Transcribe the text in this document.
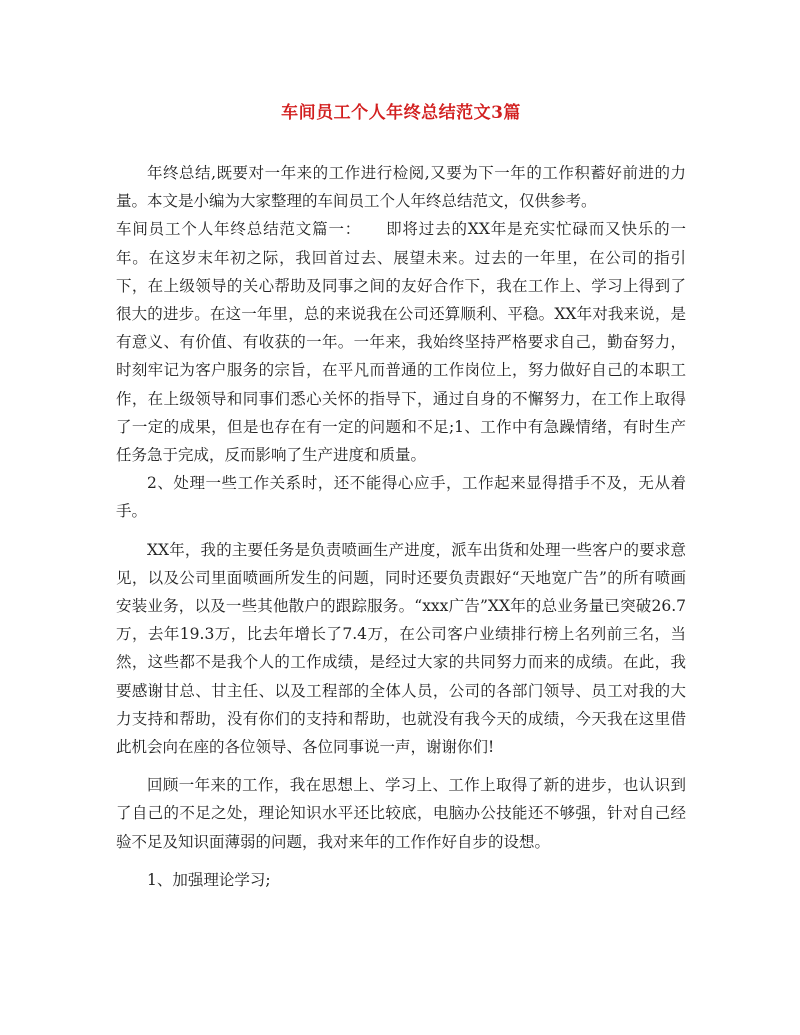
车间员工个人年终总结范文3篇

年终总结,既要对一年来的工作进行检阅,又要为下一年的工作积蓄好前进的力量。本文是小编为大家整理的车间员工个人年终总结范文，仅供参考。

车间员工个人年终总结范文篇一：　　即将过去的XX年是充实忙碌而又快乐的一年。在这岁末年初之际，我回首过去、展望未来。过去的一年里，在公司的指引下，在上级领导的关心帮助及同事之间的友好合作下，我在工作上、学习上得到了很大的进步。在这一年里，总的来说我在公司还算顺利、平稳。XX年对我来说，是有意义、有价值、有收获的一年。一年来，我始终坚持严格要求自己，勤奋努力，时刻牢记为客户服务的宗旨，在平凡而普通的工作岗位上，努力做好自己的本职工作，在上级领导和同事们悉心关怀的指导下，通过自身的不懈努力，在工作上取得了一定的成果，但是也存在有一定的问题和不足;1、工作中有急躁情绪，有时生产任务急于完成，反而影响了生产进度和质量。

2、处理一些工作关系时，还不能得心应手，工作起来显得措手不及，无从着手。

XX年，我的主要任务是负责喷画生产进度，派车出货和处理一些客户的要求意见，以及公司里面喷画所发生的问题，同时还要负责跟好“天地宽广告”的所有喷画安装业务，以及一些其他散户的跟踪服务。“xxx广告”XX年的总业务量已突破26.7万，去年19.3万，比去年增长了7.4万，在公司客户业绩排行榜上名列前三名，当然，这些都不是我个人的工作成绩，是经过大家的共同努力而来的成绩。在此，我要感谢甘总、甘主任、以及工程部的全体人员，公司的各部门领导、员工对我的大力支持和帮助，没有你们的支持和帮助，也就没有我今天的成绩，今天我在这里借此机会向在座的各位领导、各位同事说一声，谢谢你们!

回顾一年来的工作，我在思想上、学习上、工作上取得了新的进步，也认识到了自己的不足之处，理论知识水平还比较底，电脑办公技能还不够强，针对自己经验不足及知识面薄弱的问题，我对来年的工作作好自步的设想。

1、加强理论学习;
